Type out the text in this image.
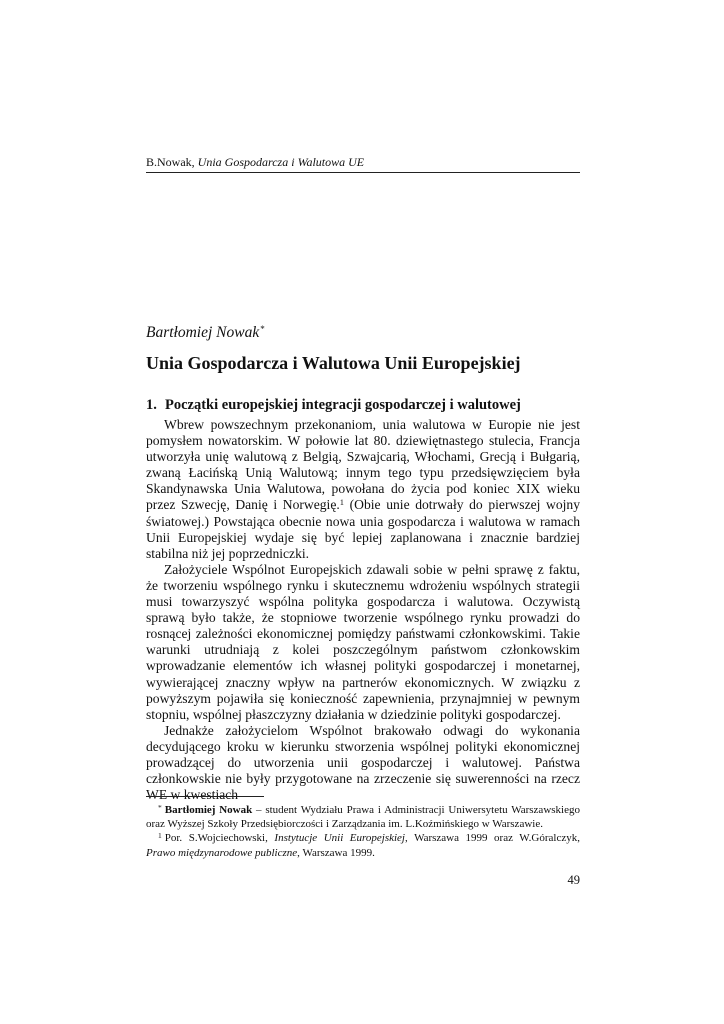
B.Nowak, Unia Gospodarcza i Walutowa UE
Bartłomiej Nowak*
Unia Gospodarcza i Walutowa Unii Europejskiej
1. Początki europejskiej integracji gospodarczej i walutowej

Wbrew powszechnym przekonaniom, unia walutowa w Europie nie jest pomysłem nowatorskim. W połowie lat 80. dziewiętnastego stulecia, Francja utworzyła unię walutową z Belgią, Szwajcarią, Włochami, Grecją i Bułgarią, zwaną Łacińską Unią Walutową; innym tego typu przedsięwzięciem była Skandynawska Unia Walutowa, powołana do życia pod koniec XIX wieku przez Szwecję, Danię i Norwegię.$^1$ (Obie unie dotrwały do pierwszej wojny światowej.) Powstająca obecnie nowa unia gospodarcza i walutowa w ramach Unii Europejskiej wydaje się być lepiej zaplanowana i znacznie bardziej stabilna niż jej poprzedniczki.

Założyciele Wspólnot Europejskich zdawali sobie w pełni sprawę z faktu, że tworzeniu wspólnego rynku i skutecznemu wdrożeniu wspólnych strategii musi towarzyszyć wspólna polityka gospodarcza i walutowa. Oczywistą sprawą było także, że stopniowe tworzenie wspólnego rynku prowadzi do rosnącej zależności ekonomicznej pomiędzy państwami członkowskimi. Takie warunki utrudniają z kolei poszczególnym państwom członkowskim wprowadzanie elementów ich własnej polityki gospodarczej i monetarnej, wywierającej znaczny wpływ na partnerów ekonomicznych. W związku z powyższym pojawiła się konieczność zapewnienia, przynajmniej w pewnym stopniu, wspólnej płaszczyzny działania w dziedzinie polityki gospodarczej.

Jednakże założycielom Wspólnot brakowało odwagi do wykonania decydującego kroku w kierunku stworzenia wspólnej polityki ekonomicznej prowadzącej do utworzenia unii gospodarczej i walutowej. Państwa członkowskie nie były przygotowane na zrzeczenie się suwerenności na rzecz WE w kwestiach

* Bartłomiej Nowak – student Wydziału Prawa i Administracji Uniwersytetu Warszawskiego oraz Wyższej Szkoły Przedsiębiorczości i Zarządzania im. L.Koźmińskiego w Warszawie.

$^1$ Por. S.Wojciechowski, Instytucje Unii Europejskiej, Warszawa 1999 oraz W.Góralczyk, Prawo międzynarodowe publiczne, Warszawa 1999.

49
